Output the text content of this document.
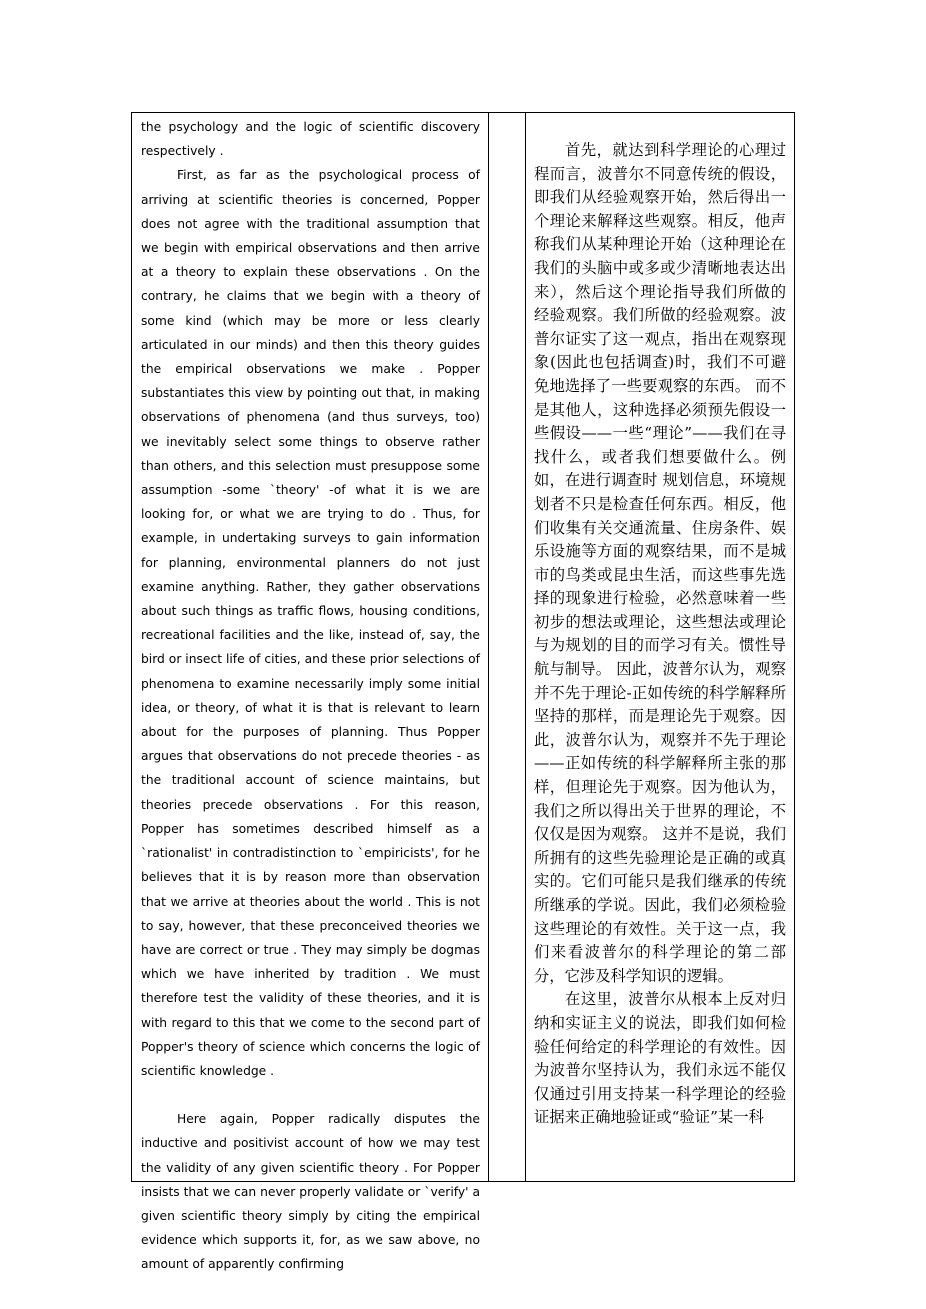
the psychology and the logic of scientific discovery respectively .

First, as far as the psychological process of arriving at scientific theories is concerned, Popper does not agree with the traditional assumption that we begin with empirical observations and then arrive at a theory to explain these observations . On the contrary, he claims that we begin with a theory of some kind (which may be more or less clearly articulated in our minds) and then this theory guides the empirical observations we make . Popper substantiates this view by pointing out that, in making observations of phenomena (and thus surveys, too) we inevitably select some things to observe rather than others, and this selection must presuppose some assumption -some `theory' -of what it is we are looking for, or what we are trying to do . Thus, for example, in undertaking surveys to gain information for planning, environmental planners do not just examine anything. Rather, they gather observations about such things as traffic flows, housing conditions, recreational facilities and the like, instead of, say, the bird or insect life of cities, and these prior selections of phenomena to examine necessarily imply some initial idea, or theory, of what it is that is relevant to learn about for the purposes of planning. Thus Popper argues that observations do not precede theories - as the traditional account of science maintains, but theories precede observations . For this reason, Popper has sometimes described himself as a `rationalist' in contradistinction to `empiricists', for he believes that it is by reason more than observation that we arrive at theories about the world . This is not to say, however, that these preconceived theories we have are correct or true . They may simply be dogmas which we have inherited by tradition . We must therefore test the validity of these theories, and it is with regard to this that we come to the second part of Popper's theory of science which concerns the logic of scientific knowledge .

Here again, Popper radically disputes the inductive and positivist account of how we may test the validity of any given scientific theory . For Popper insists that we can never properly validate or `verify' a given scientific theory simply by citing the empirical evidence which supports it, for, as we saw above, no amount of apparently confirming

首先，就达到科学理论的心理过程而言，波普尔不同意传统的假设，即我们从经验观察开始，然后得出一个理论来解释这些观察。相反，他声称我们从某种理论开始（这种理论在我们的头脑中或多或少清晰地表达出来），然后这个理论指导我们所做的经验观察。我们所做的经验观察。波普尔证实了这一观点，指出在观察现象(因此也包括调查)时，我们不可避免地选择了一些要观察的东西。 而不是其他人，这种选择必须预先假设一些假设——一些“理论”——我们在寻找什么，或者我们想要做什么。例如，在进行调查时 规划信息，环境规划者不只是检查任何东西。相反，他们收集有关交通流量、住房条件、娱乐设施等方面的观察结果，而不是城市的鸟类或昆虫生活，而这些事先选择的现象进行检验，必然意味着一些初步的想法或理论，这些想法或理论与为规划的目的而学习有关。惯性导航与制导。 因此，波普尔认为，观察并不先于理论-正如传统的科学解释所坚持的那样，而是理论先于观察。因此，波普尔认为，观察并不先于理论——正如传统的科学解释所主张的那样，但理论先于观察。因为他认为，我们之所以得出关于世界的理论，不仅仅是因为观察。 这并不是说，我们所拥有的这些先验理论是正确的或真实的。它们可能只是我们继承的传统所继承的学说。因此，我们必须检验这些理论的有效性。关于这一点，我们来看波普尔的科学理论的第二部分，它涉及科学知识的逻辑。

在这里，波普尔从根本上反对归纳和实证主义的说法，即我们如何检验任何给定的科学理论的有效性。因为波普尔坚持认为，我们永远不能仅仅通过引用支持某一科学理论的经验证据来正确地验证或“验证”某一科
